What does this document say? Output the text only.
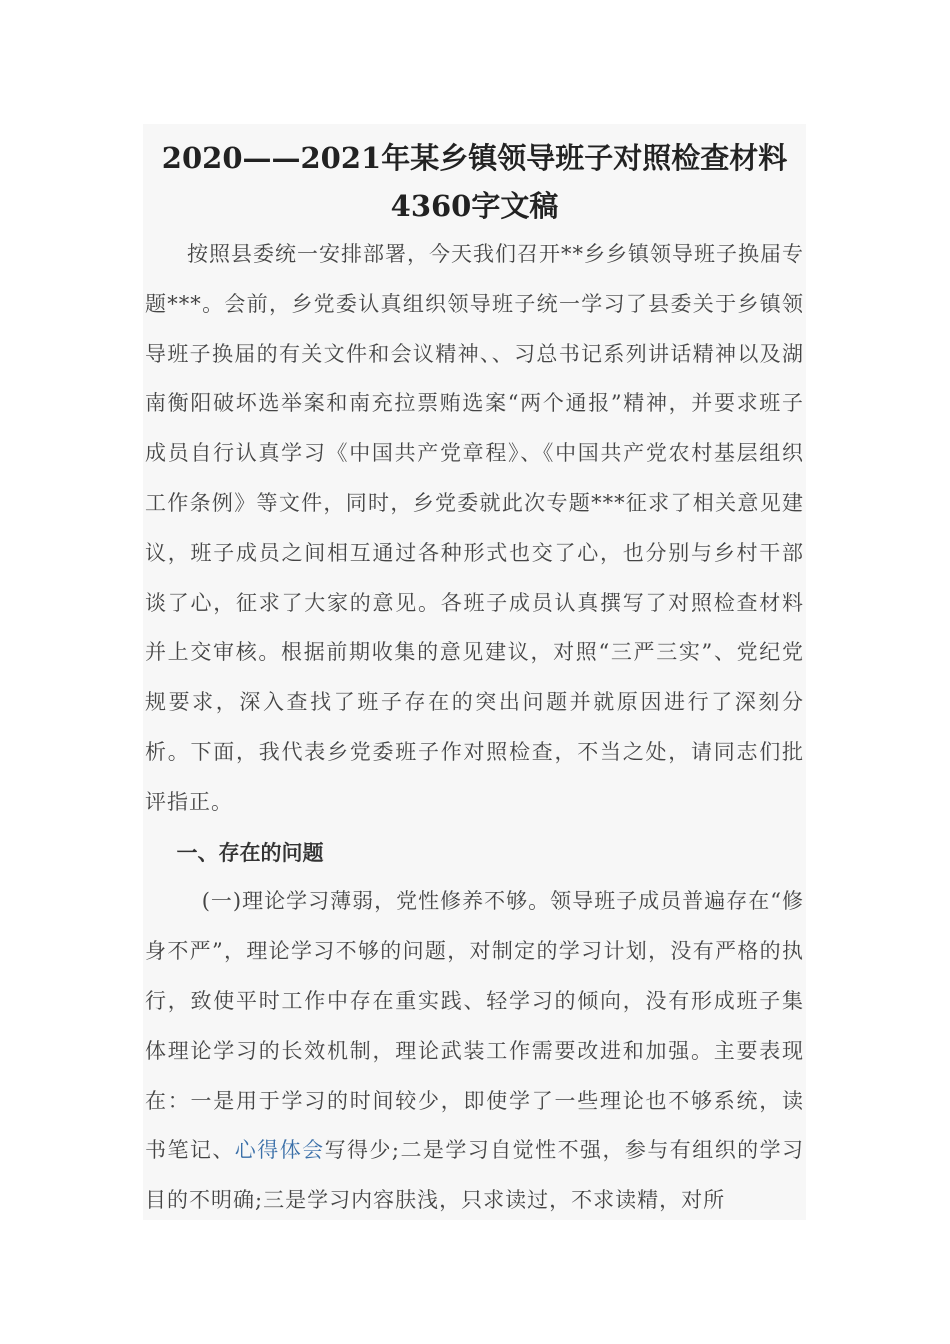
2020——2021年某乡镇领导班子对照检查材料4360字文稿

按照县委统一安排部署，今天我们召开**乡乡镇领导班子换届专题***。会前，乡党委认真组织领导班子统一学习了县委关于乡镇领导班子换届的有关文件和会议精神、、习总书记系列讲话精神以及湖南衡阳破坏选举案和南充拉票贿选案“两个通报”精神，并要求班子成员自行认真学习《中国共产党章程》、《中国共产党农村基层组织工作条例》等文件，同时，乡党委就此次专题***征求了相关意见建议，班子成员之间相互通过各种形式也交了心，也分别与乡村干部谈了心，征求了大家的意见。各班子成员认真撰写了对照检查材料并上交审核。根据前期收集的意见建议，对照“三严三实”、党纪党规要求，深入查找了班子存在的突出问题并就原因进行了深刻分析。下面，我代表乡党委班子作对照检查，不当之处，请同志们批评指正。

一、存在的问题

(一)理论学习薄弱，党性修养不够。领导班子成员普遍存在“修身不严”，理论学习不够的问题，对制定的学习计划，没有严格的执行，致使平时工作中存在重实践、轻学习的倾向，没有形成班子集体理论学习的长效机制，理论武装工作需要改进和加强。主要表现在：一是用于学习的时间较少，即使学了一些理论也不够系统，读书笔记、心得体会写得少;二是学习自觉性不强，参与有组织的学习目的不明确;三是学习内容肤浅，只求读过，不求读精，对所
